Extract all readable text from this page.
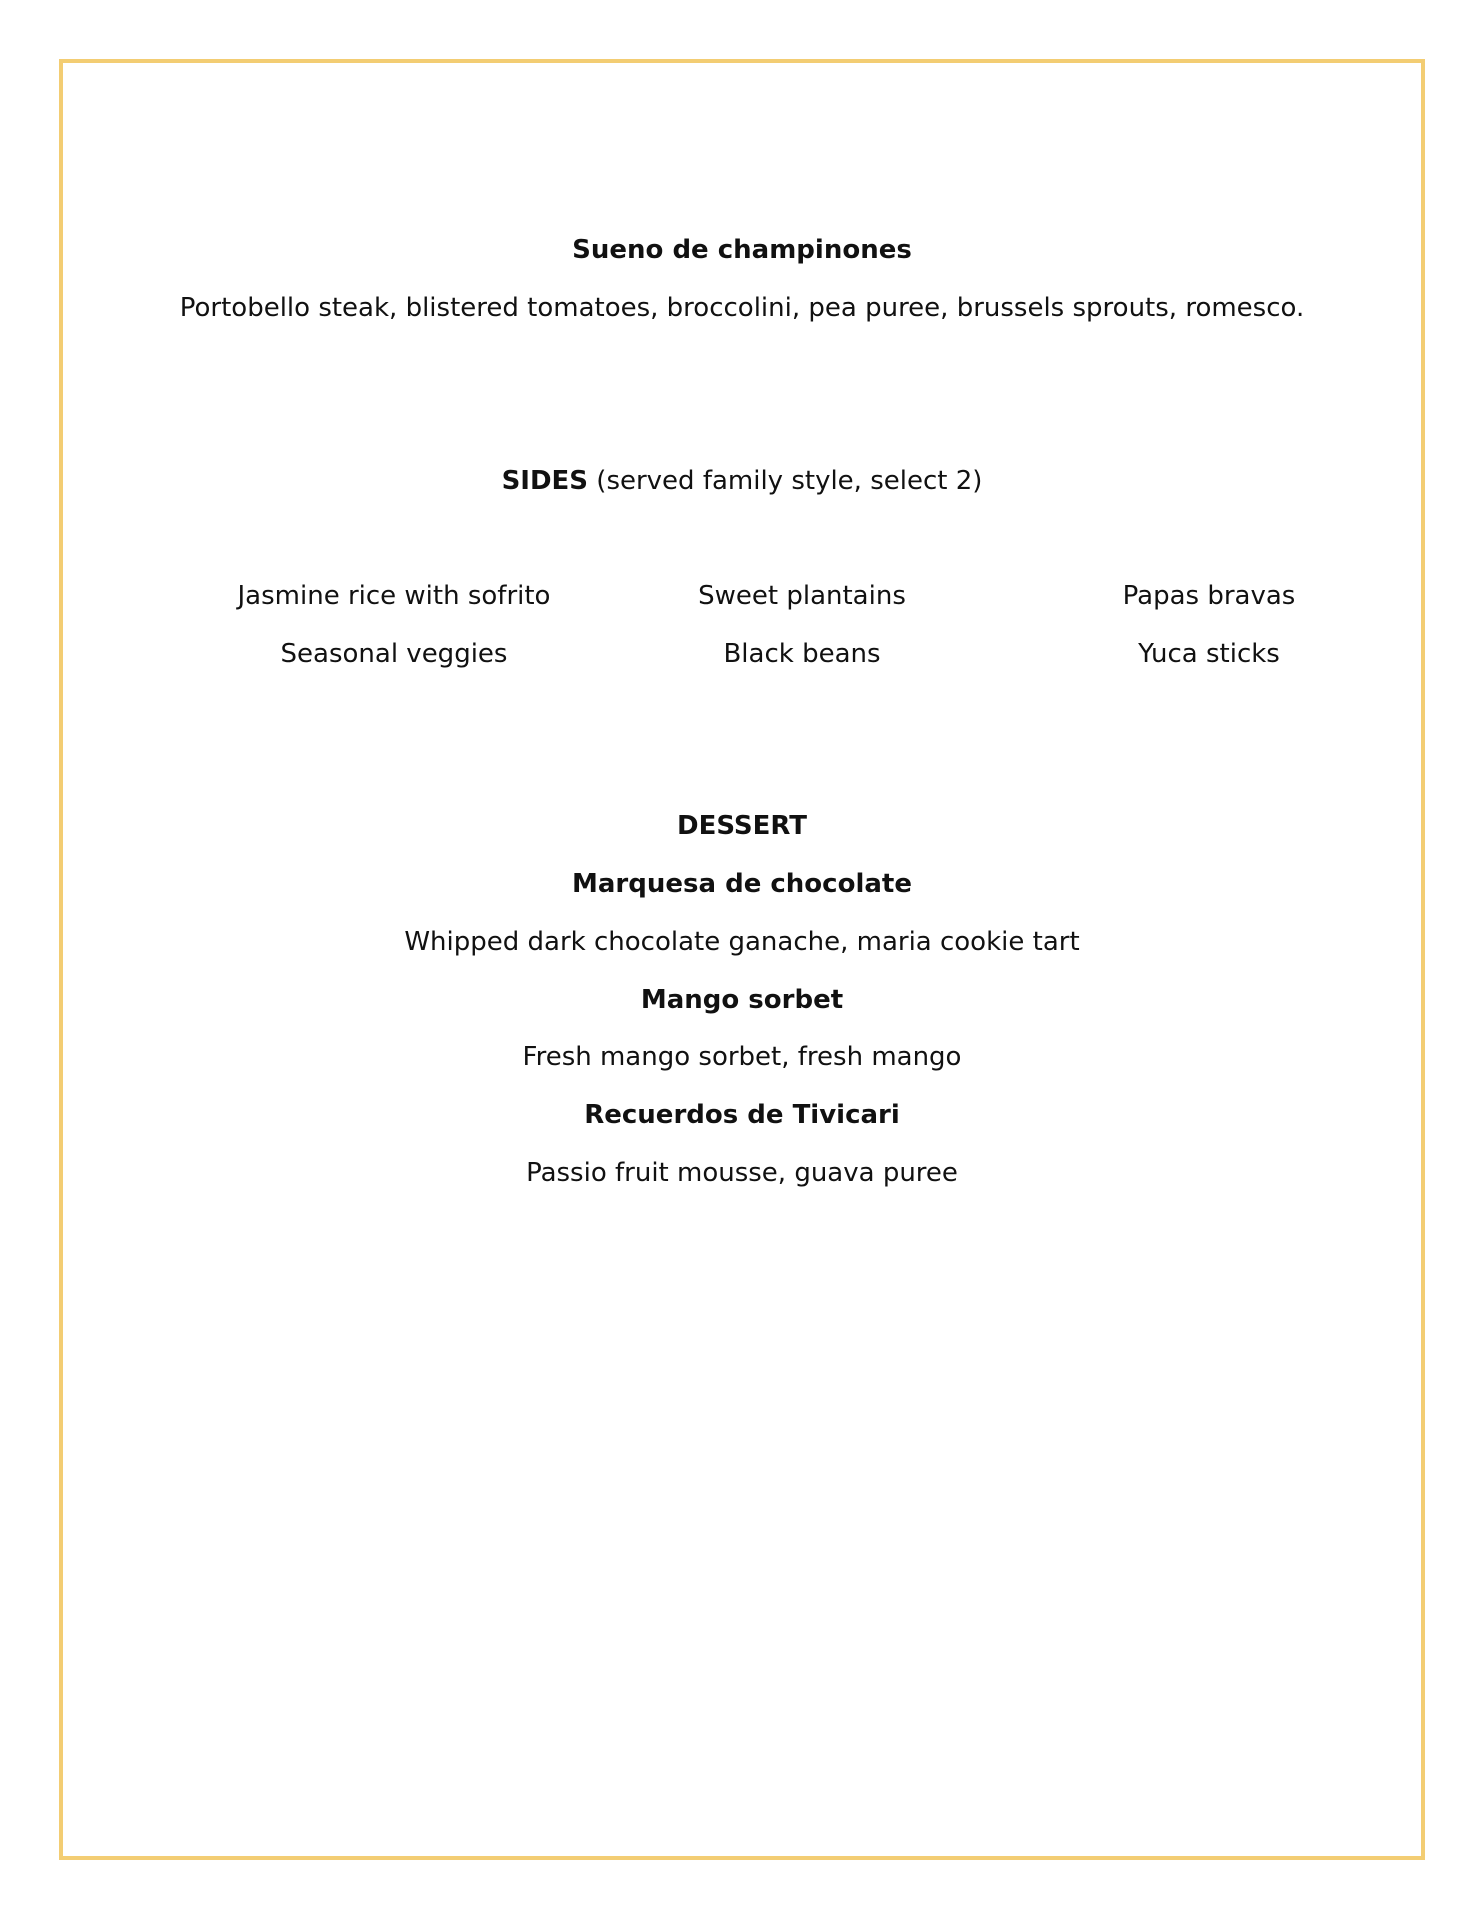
Sueno de champinones
Portobello steak, blistered tomatoes, broccolini, pea puree, brussels sprouts, romesco.
SIDES (served family style, select 2)
Jasmine rice with sofrito	Sweet plantains	Papas bravas
Seasonal veggies	Black beans	Yuca sticks
DESSERT
Marquesa de chocolate
Whipped dark chocolate ganache, maria cookie tart
Mango sorbet
Fresh mango sorbet, fresh mango
Recuerdos de Tivicari
Passio fruit mousse, guava puree
